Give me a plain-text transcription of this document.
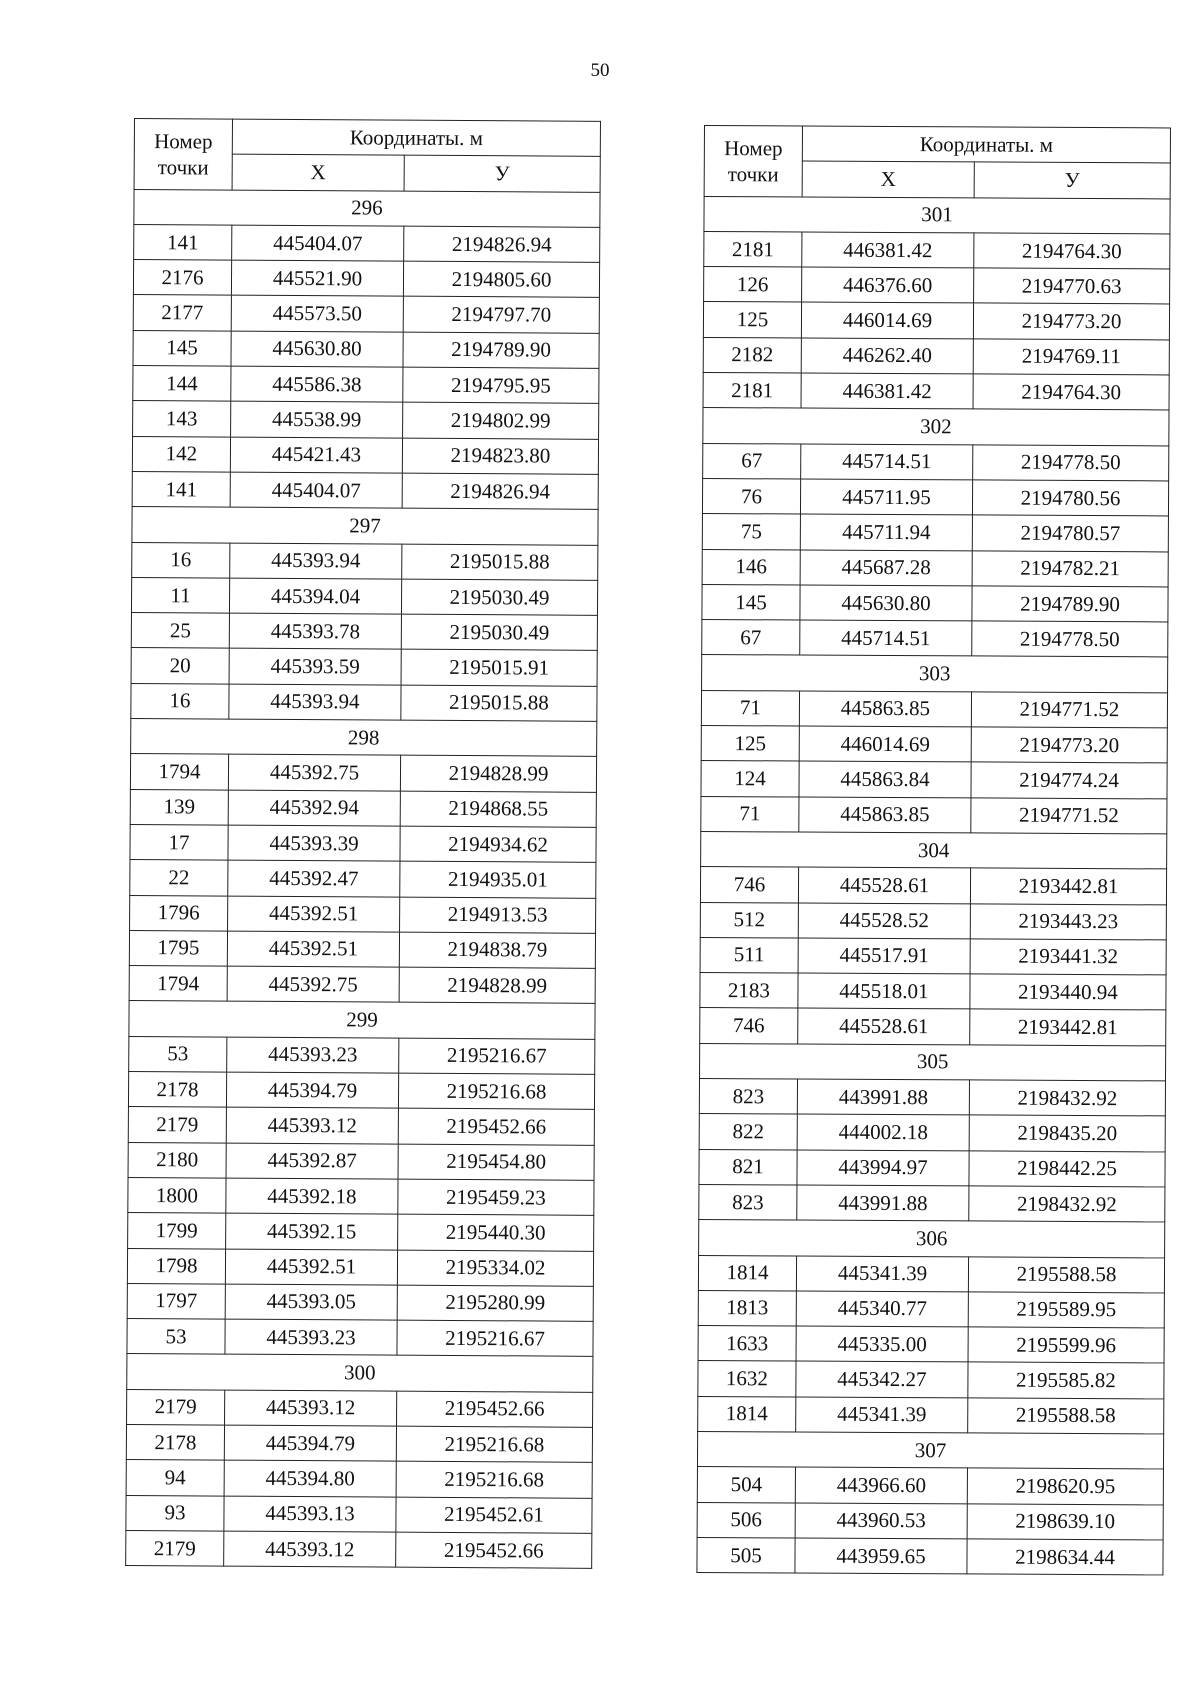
50
Номер точки	Координаты. м	
	Х	У
296		
141	445404.07	2194826.94
2176	445521.90	2194805.60
2177	445573.50	2194797.70
145	445630.80	2194789.90
144	445586.38	2194795.95
143	445538.99	2194802.99
142	445421.43	2194823.80
141	445404.07	2194826.94
297		
16	445393.94	2195015.88
11	445394.04	2195030.49
25	445393.78	2195030.49
20	445393.59	2195015.91
16	445393.94	2195015.88
298		
1794	445392.75	2194828.99
139	445392.94	2194868.55
17	445393.39	2194934.62
22	445392.47	2194935.01
1796	445392.51	2194913.53
1795	445392.51	2194838.79
1794	445392.75	2194828.99
299		
53	445393.23	2195216.67
2178	445394.79	2195216.68
2179	445393.12	2195452.66
2180	445392.87	2195454.80
1800	445392.18	2195459.23
1799	445392.15	2195440.30
1798	445392.51	2195334.02
1797	445393.05	2195280.99
53	445393.23	2195216.67
300		
2179	445393.12	2195452.66
2178	445394.79	2195216.68
94	445394.80	2195216.68
93	445393.13	2195452.61
2179	445393.12	2195452.66
Номер точки	Координаты. м	
	Х	У
301		
2181	446381.42	2194764.30
126	446376.60	2194770.63
125	446014.69	2194773.20
2182	446262.40	2194769.11
2181	446381.42	2194764.30
302		
67	445714.51	2194778.50
76	445711.95	2194780.56
75	445711.94	2194780.57
146	445687.28	2194782.21
145	445630.80	2194789.90
67	445714.51	2194778.50
303		
71	445863.85	2194771.52
125	446014.69	2194773.20
124	445863.84	2194774.24
71	445863.85	2194771.52
304		
746	445528.61	2193442.81
512	445528.52	2193443.23
511	445517.91	2193441.32
2183	445518.01	2193440.94
746	445528.61	2193442.81
305		
823	443991.88	2198432.92
822	444002.18	2198435.20
821	443994.97	2198442.25
823	443991.88	2198432.92
306		
1814	445341.39	2195588.58
1813	445340.77	2195589.95
1633	445335.00	2195599.96
1632	445342.27	2195585.82
1814	445341.39	2195588.58
307		
504	443966.60	2198620.95
506	443960.53	2198639.10
505	443959.65	2198634.44
